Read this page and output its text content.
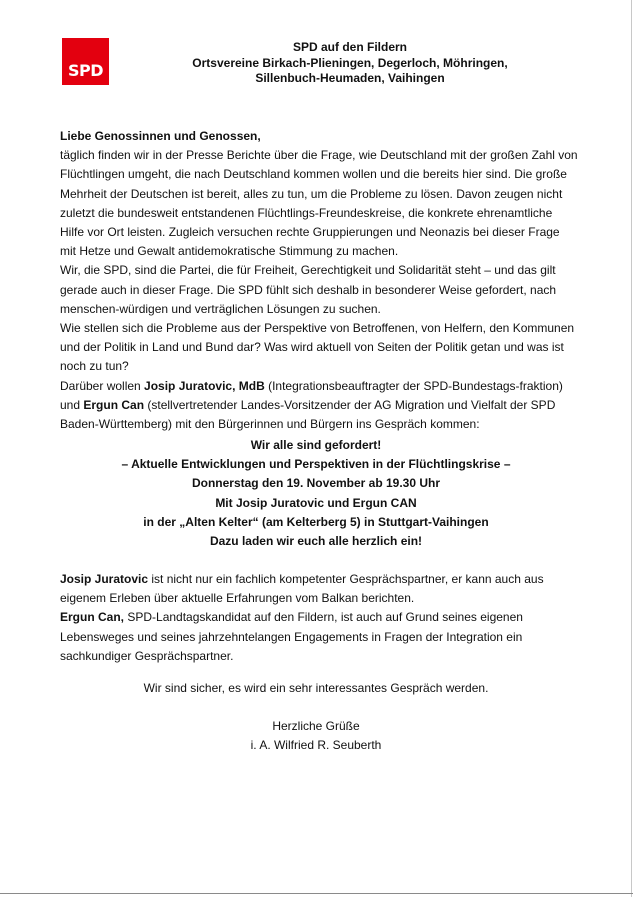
SPD
SPD auf den Fildern
Ortsvereine Birkach-Plieningen, Degerloch, Möhringen,
Sillenbuch-Heumaden, Vaihingen

Liebe Genossinnen und Genossen,

täglich finden wir in der Presse Berichte über die Frage, wie Deutschland mit der großen Zahl von Flüchtlingen umgeht, die nach Deutschland kommen wollen und die bereits hier sind. Die große Mehrheit der Deutschen ist bereit, alles zu tun, um die Probleme zu lösen. Davon zeugen nicht zuletzt die bundesweit entstandenen Flüchtlings-Freundeskreise, die konkrete ehrenamtliche Hilfe vor Ort leisten. Zugleich versuchen rechte Gruppierungen und Neonazis bei dieser Frage mit Hetze und Gewalt antidemokratische Stimmung zu machen.

Wir, die SPD, sind die Partei, die für Freiheit, Gerechtigkeit und Solidarität steht – und das gilt gerade auch in dieser Frage. Die SPD fühlt sich deshalb in besonderer Weise gefordert, nach menschen-würdigen und verträglichen Lösungen zu suchen.

Wie stellen sich die Probleme aus der Perspektive von Betroffenen, von Helfern, den Kommunen und der Politik in Land und Bund dar? Was wird aktuell von Seiten der Politik getan und was ist noch zu tun?

Darüber wollen Josip Juratovic, MdB (Integrationsbeauftragter der SPD-Bundestags-fraktion) und Ergun Can (stellvertretender Landes-Vorsitzender der AG Migration und Vielfalt der SPD Baden-Württemberg) mit den Bürgerinnen und Bürgern ins Gespräch kommen:

Wir alle sind gefordert!

– Aktuelle Entwicklungen und Perspektiven in der Flüchtlingskrise –

Donnerstag den 19. November ab 19.30 Uhr

Mit Josip Juratovic und Ergun CAN

in der „Alten Kelter“ (am Kelterberg 5) in Stuttgart-Vaihingen

Dazu laden wir euch alle herzlich ein!

Josip Juratovic ist nicht nur ein fachlich kompetenter Gesprächspartner, er kann auch aus eigenem Erleben über aktuelle Erfahrungen vom Balkan berichten.

Ergun Can, SPD-Landtagskandidat auf den Fildern, ist auch auf Grund seines eigenen Lebensweges und seines jahrzehntelangen Engagements in Fragen der Integration ein sachkundiger Gesprächspartner.

Wir sind sicher, es wird ein sehr interessantes Gespräch werden.

Herzliche Grüße

i. A. Wilfried R. Seuberth
